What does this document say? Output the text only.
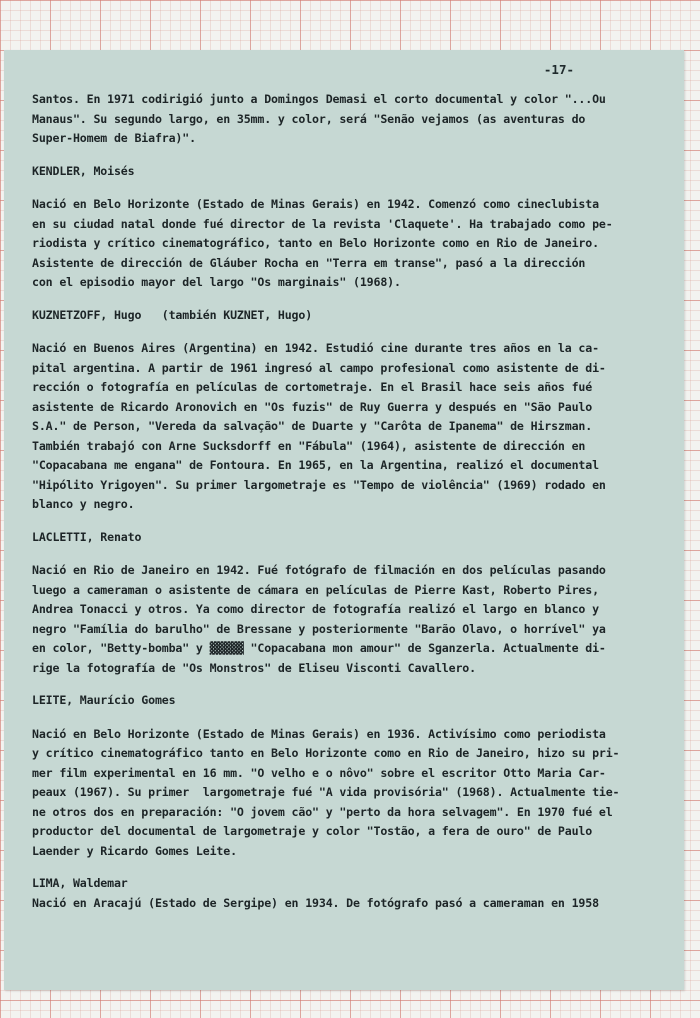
-17-
Santos. En 1971 codirigió junto a Domingos Demasi el corto documental y color "...Ou
Manaus". Su segundo largo, en 35mm. y color, será "Senão vejamos (as aventuras do
Super-Homem de Biafra)".
KENDLER, Moisés
Nació en Belo Horizonte (Estado de Minas Gerais) en 1942. Comenzó como cineclubista
en su ciudad natal donde fué director de la revista 'Claquete'. Ha trabajado como pe-
riodista y crítico cinematográfico, tanto en Belo Horizonte como en Rio de Janeiro.
Asistente de dirección de Gláuber Rocha en "Terra em transe", pasó a la dirección
con el episodio mayor del largo "Os marginais" (1968).
KUZNETZOFF, Hugo   (también KUZNET, Hugo)
Nació en Buenos Aires (Argentina) en 1942. Estudió cine durante tres años en la ca-
pital argentina. A partir de 1961 ingresó al campo profesional como asistente de di-
rección o fotografía en películas de cortometraje. En el Brasil hace seis años fué
asistente de Ricardo Aronovich en "Os fuzis" de Ruy Guerra y después en "São Paulo
S.A." de Person, "Vereda da salvação" de Duarte y "Carôta de Ipanema" de Hirszman.
También trabajó con Arne Sucksdorff en "Fábula" (1964), asistente de dirección en
"Copacabana me engana" de Fontoura. En 1965, en la Argentina, realizó el documental
"Hipólito Yrigoyen". Su primer largometraje es "Tempo de violência" (1969) rodado en
blanco y negro.
LACLETTI, Renato
Nació en Rio de Janeiro en 1942. Fué fotógrafo de filmación en dos películas pasando
luego a cameraman o asistente de cámara en películas de Pierre Kast, Roberto Pires,
Andrea Tonacci y otros. Ya como director de fotografía realizó el largo en blanco y
negro "Família do barulho" de Bressane y posteriormente "Barão Olavo, o horrível" ya
en color, "Betty-bomba" y ▓▓▓▓▓ "Copacabana mon amour" de Sganzerla. Actualmente di-
rige la fotografía de "Os Monstros" de Eliseu Visconti Cavallero.
LEITE, Maurício Gomes
Nació en Belo Horizonte (Estado de Minas Gerais) en 1936. Activísimo como periodista
y crítico cinematográfico tanto en Belo Horizonte como en Rio de Janeiro, hizo su pri-
mer film experimental en 16 mm. "O velho e o nôvo" sobre el escritor Otto Maria Car-
peaux (1967). Su primer  largometraje fué "A vida provisória" (1968). Actualmente tie-
ne otros dos en preparación: "O jovem cão" y "perto da hora selvagem". En 1970 fué el
productor del documental de largometraje y color "Tostão, a fera de ouro" de Paulo
Laender y Ricardo Gomes Leite.
LIMA, Waldemar
Nació en Aracajú (Estado de Sergipe) en 1934. De fotógrafo pasó a cameraman en 1958
